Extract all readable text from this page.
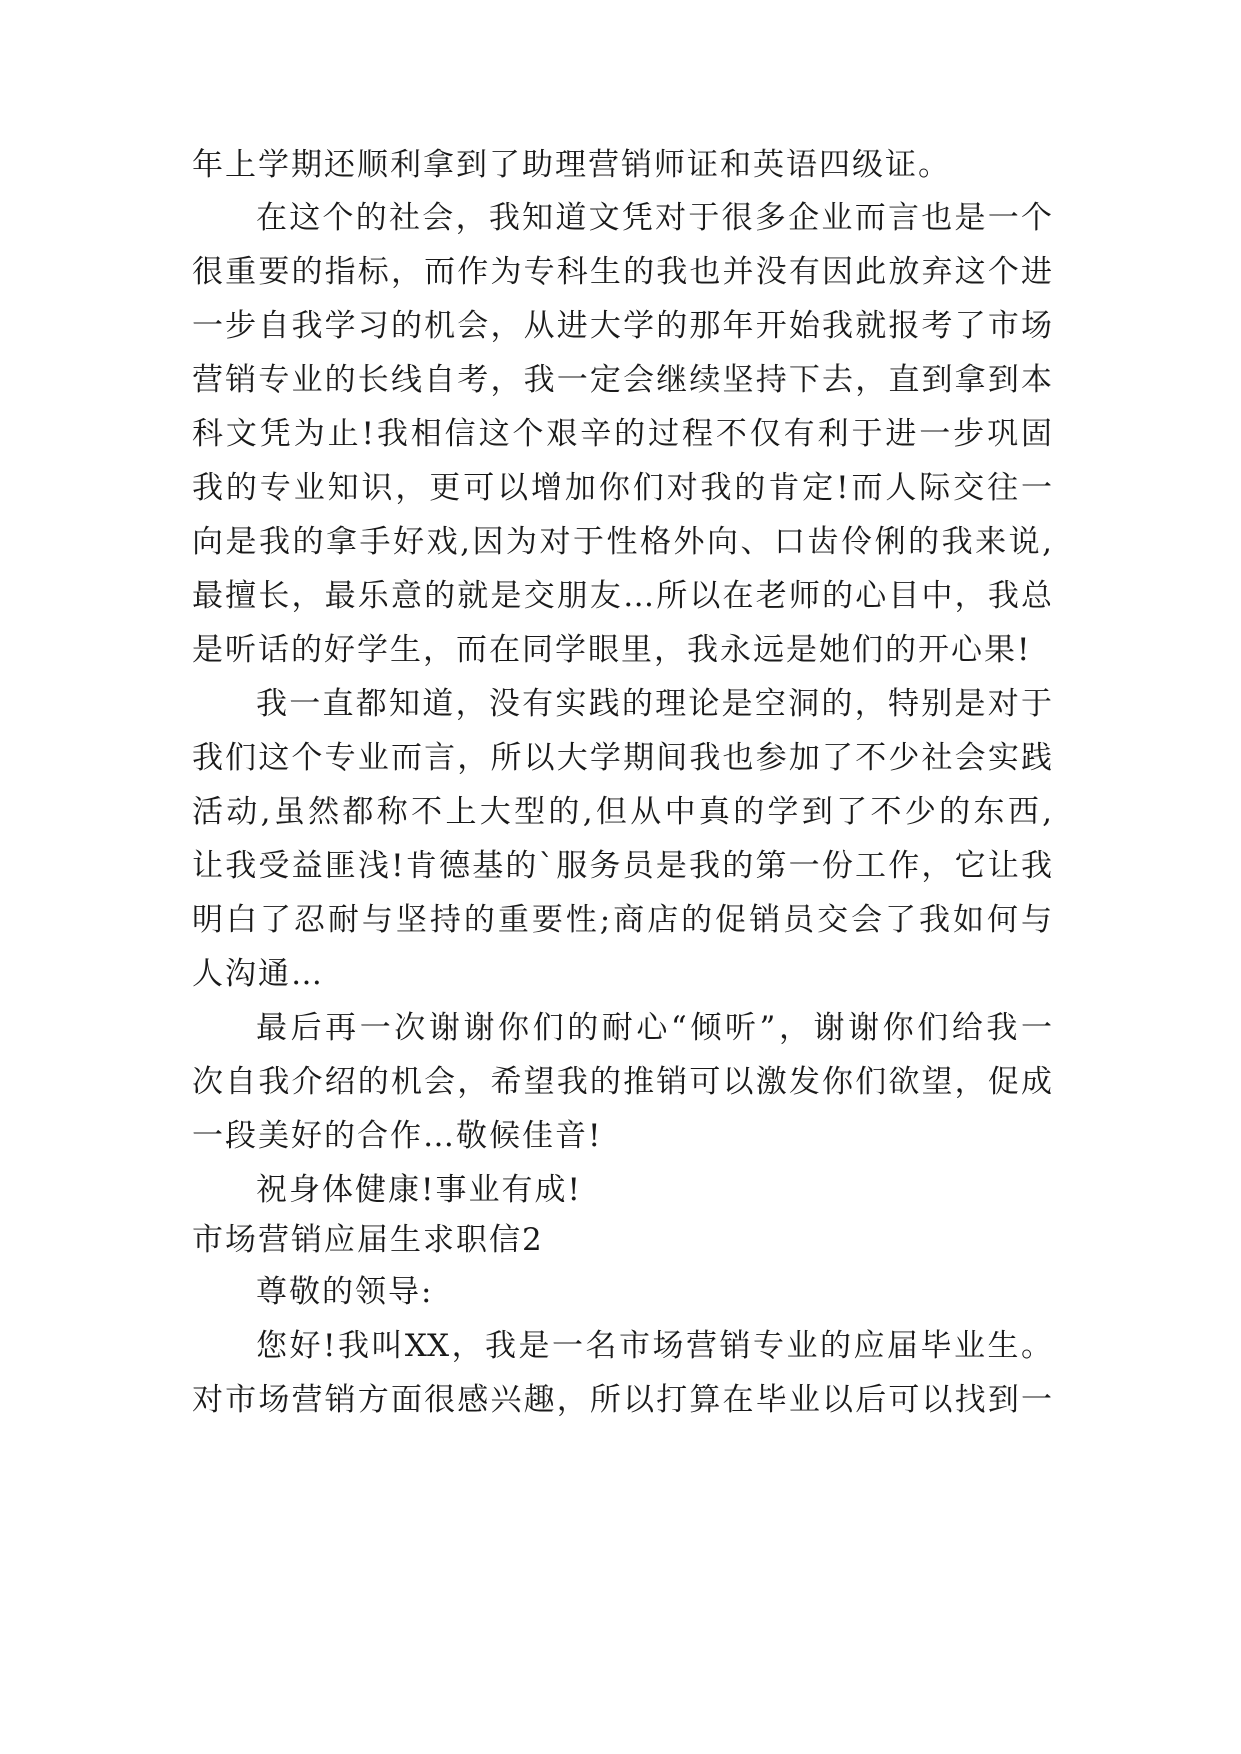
年上学期还顺利拿到了助理营销师证和英语四级证。
在这个的社会，我知道文凭对于很多企业而言也是一个
很重要的指标，而作为专科生的我也并没有因此放弃这个进
一步自我学习的机会，从进大学的那年开始我就报考了市场
营销专业的长线自考，我一定会继续坚持下去，直到拿到本
科文凭为止!我相信这个艰辛的过程不仅有利于进一步巩固
我的专业知识，更可以增加你们对我的肯定!而人际交往一
向是我的拿手好戏,因为对于性格外向、口齿伶俐的我来说,
最擅长，最乐意的就是交朋友…所以在老师的心目中，我总
是听话的好学生，而在同学眼里，我永远是她们的开心果!
我一直都知道，没有实践的理论是空洞的，特别是对于
我们这个专业而言，所以大学期间我也参加了不少社会实践
活动,虽然都称不上大型的,但从中真的学到了不少的东西,
让我受益匪浅!肯德基的`服务员是我的第一份工作，它让我
明白了忍耐与坚持的重要性;商店的促销员交会了我如何与
人沟通…
最后再一次谢谢你们的耐心“倾听”，谢谢你们给我一
次自我介绍的机会，希望我的推销可以激发你们欲望，促成
一段美好的合作…敬候佳音!
祝身体健康!事业有成!
市场营销应届生求职信2
尊敬的领导:
您好!我叫XX，我是一名市场营销专业的应届毕业生。
对市场营销方面很感兴趣，所以打算在毕业以后可以找到一
